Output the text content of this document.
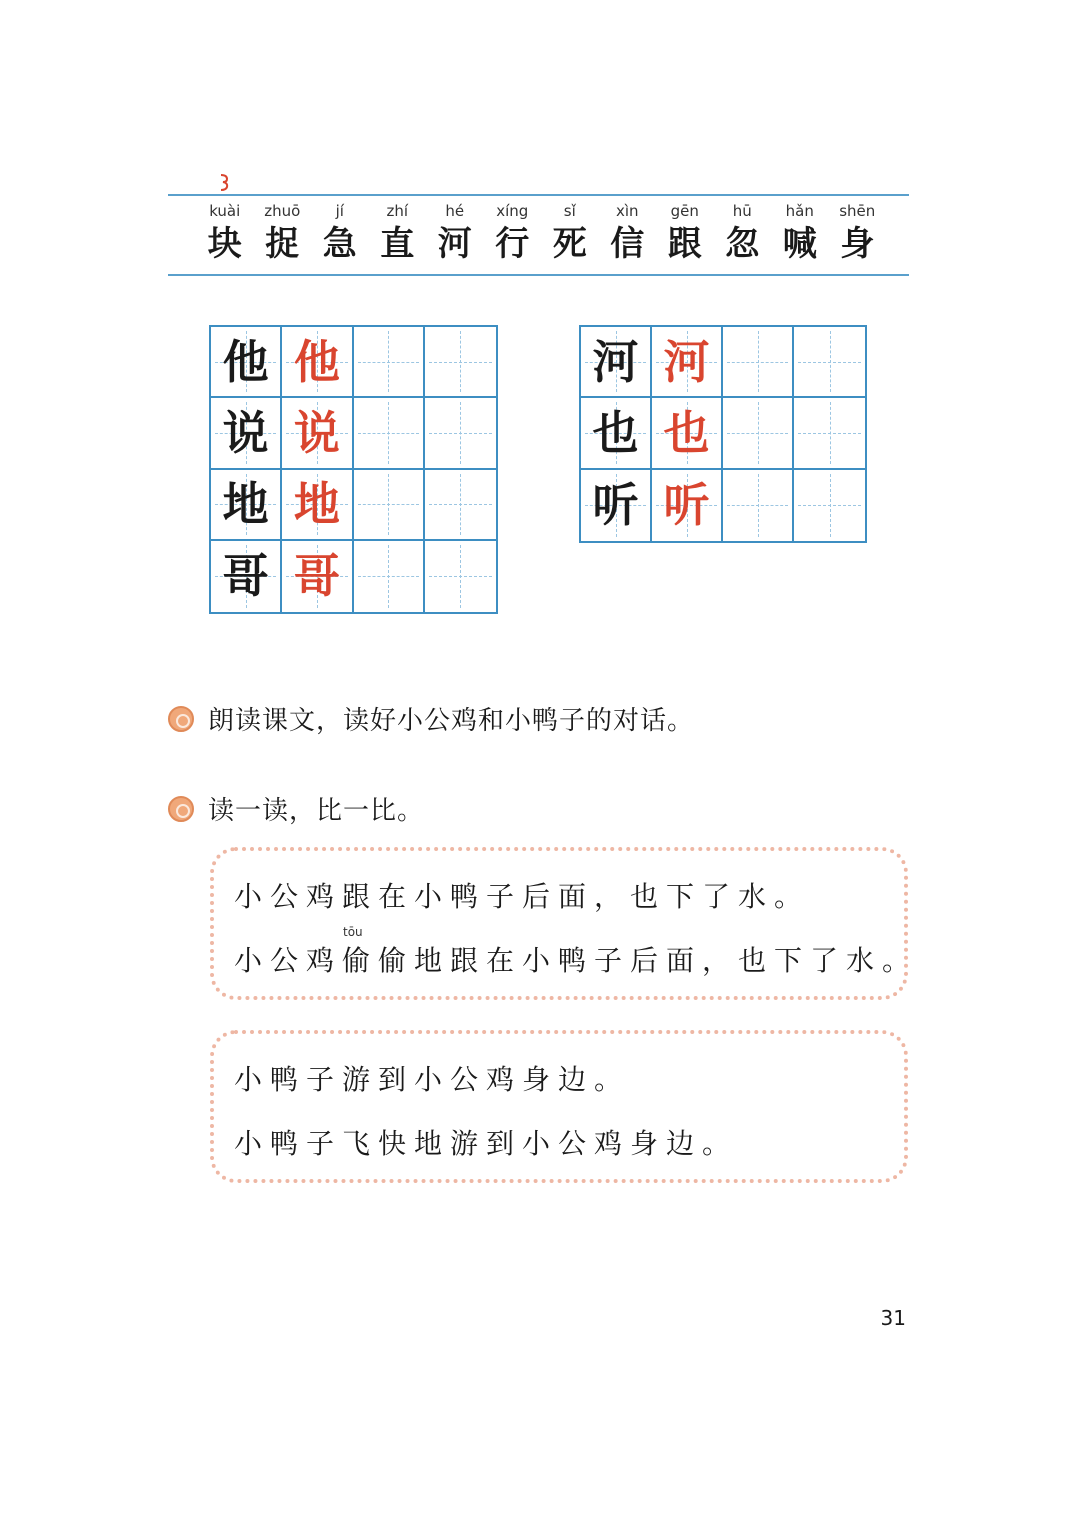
kuài
块
zhuō
捉
jí
急
zhí
直
hé
河
xíng
行
sǐ
死
xìn
信
gēn
跟
hū
忽
hǎn
喊
shēn
身
他 他
说 说
地 地
哥 哥
河 河
也 也
听 听
朗读课文，读好小公鸡和小鸭子的对话。
读一读，比一比。
小公鸡跟在小鸭子后面，也下了水。
tōu
小公鸡偷偷地跟在小鸭子后面，也下了水。
小鸭子游到小公鸡身边。
小鸭子飞快地游到小公鸡身边。
31
